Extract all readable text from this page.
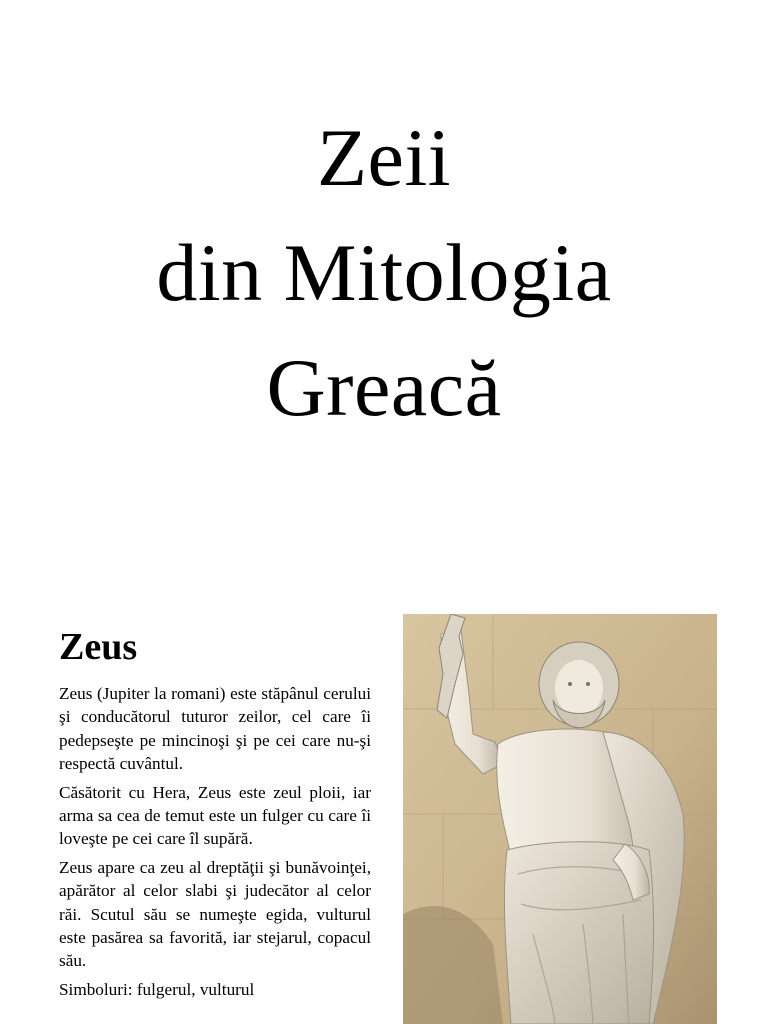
Zeii
din Mitologia
Greacă
Zeus

Zeus (Jupiter la romani) este stăpânul cerului şi conducătorul tuturor zeilor, cel care îi pedepseşte pe mincinoşi şi pe cei care nu-şi respectă cuvântul.

Căsătorit cu Hera, Zeus este zeul ploii, iar arma sa cea de temut este un fulger cu care îi loveşte pe cei care îl supără.

Zeus apare ca zeu al dreptăţii şi bunăvoinţei, apărător al celor slabi şi judecător al celor răi. Scutul său se numeşte egida, vulturul este pasărea sa favorită, iar stejarul, copacul său.

Simboluri: fulgerul, vulturul
